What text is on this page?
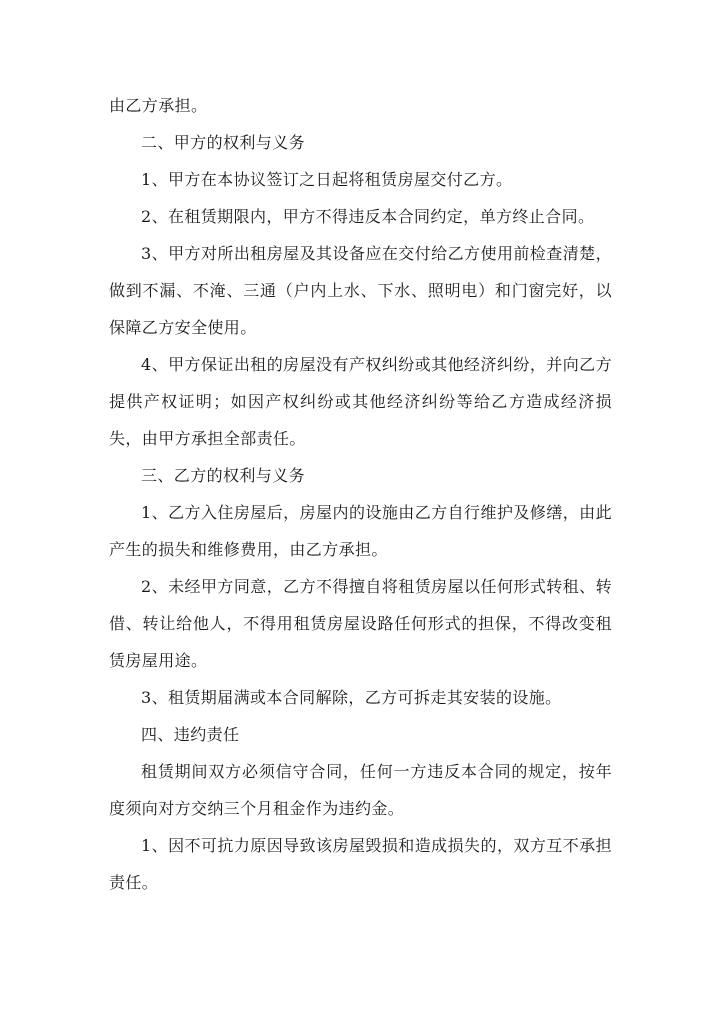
由乙方承担。

二、甲方的权利与义务

1、甲方在本协议签订之日起将租赁房屋交付乙方。

2、在租赁期限内，甲方不得违反本合同约定，单方终止合同。

3、甲方对所出租房屋及其设备应在交付给乙方使用前检查清楚，做到不漏、不淹、三通（户内上水、下水、照明电）和门窗完好，以保障乙方安全使用。

4、甲方保证出租的房屋没有产权纠纷或其他经济纠纷，并向乙方提供产权证明；如因产权纠纷或其他经济纠纷等给乙方造成经济损失，由甲方承担全部责任。

三、乙方的权利与义务

1、乙方入住房屋后，房屋内的设施由乙方自行维护及修缮，由此产生的损失和维修费用，由乙方承担。

2、未经甲方同意，乙方不得擅自将租赁房屋以任何形式转租、转借、转让给他人，不得用租赁房屋设路任何形式的担保，不得改变租赁房屋用途。

3、租赁期届满或本合同解除，乙方可拆走其安装的设施。

四、违约责任

租赁期间双方必须信守合同，任何一方违反本合同的规定，按年度须向对方交纳三个月租金作为违约金。

1、因不可抗力原因导致该房屋毁损和造成损失的，双方互不承担责任。
